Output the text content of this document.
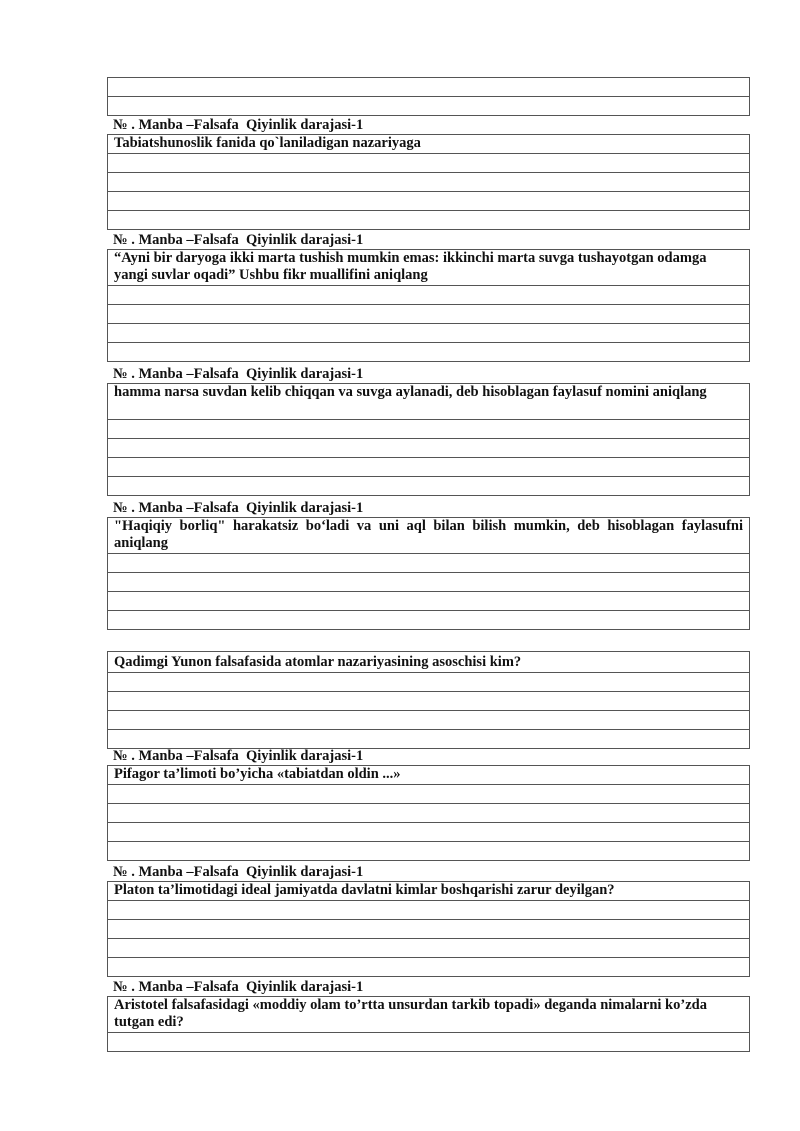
№ . Manba –Falsafa  Qiyinlik darajasi-1
Tabiatshunoslik fanida qo`laniladigan nazariyaga

№ . Manba –Falsafa  Qiyinlik darajasi-1
“Ayni bir daryoga ikki marta tushish mumkin emas: ikkinchi marta suvga tushayotgan odamga yangi suvlar oqadi” Ushbu fikr muallifini aniqlang

№ . Manba –Falsafa  Qiyinlik darajasi-1
hamma narsa suvdan kelib chiqqan va suvga aylanadi, deb hisoblagan faylasuf nomini aniqlang

№ . Manba –Falsafa  Qiyinlik darajasi-1
"Haqiqiy borliq" harakatsiz bo‘ladi va uni aql bilan bilish mumkin, deb hisoblagan faylasufni aniqlang

Qadimgi Yunon falsafasida atomlar nazariyasining asoschisi kim?

№ . Manba –Falsafa  Qiyinlik darajasi-1
Pifagor ta’limoti bo’yicha «tabiatdan oldin ...»

№ . Manba –Falsafa  Qiyinlik darajasi-1
Platon ta’limotidagi ideal jamiyatda davlatni kimlar boshqarishi zarur deyilgan?

№ . Manba –Falsafa  Qiyinlik darajasi-1
Aristotel falsafasidagi «moddiy olam to’rtta unsurdan tarkib topadi» deganda nimalarni ko’zda tutgan edi?
